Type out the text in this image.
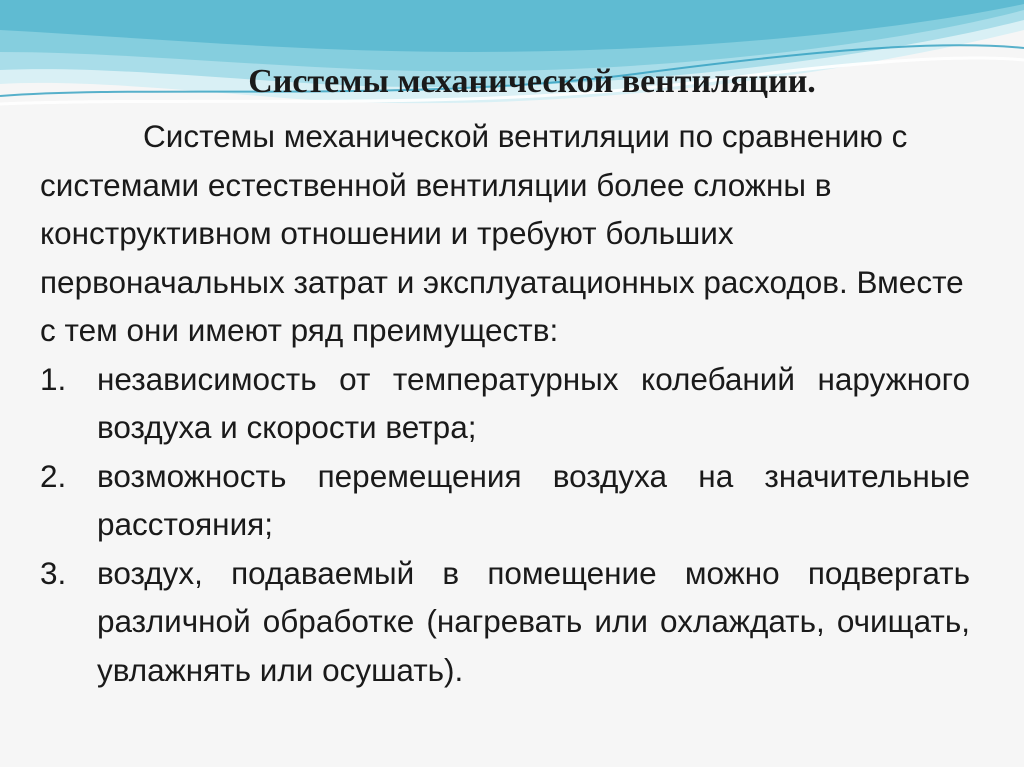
Системы механической вентиляции.

Системы механической вентиляции по сравнению с системами естественной вентиляции более сложны в конструктивном отношении и требуют больших первоначальных затрат и эксплуатационных расходов. Вместе с тем они имеют ряд преимуществ:

1. независимость от температурных колебаний наружного воздуха и скорости ветра;
2. возможность перемещения воздуха на значительные расстояния;
3. воздух, подаваемый в помещение можно подвергать различной обработке (нагревать или охлаждать, очищать, увлажнять или осушать).
